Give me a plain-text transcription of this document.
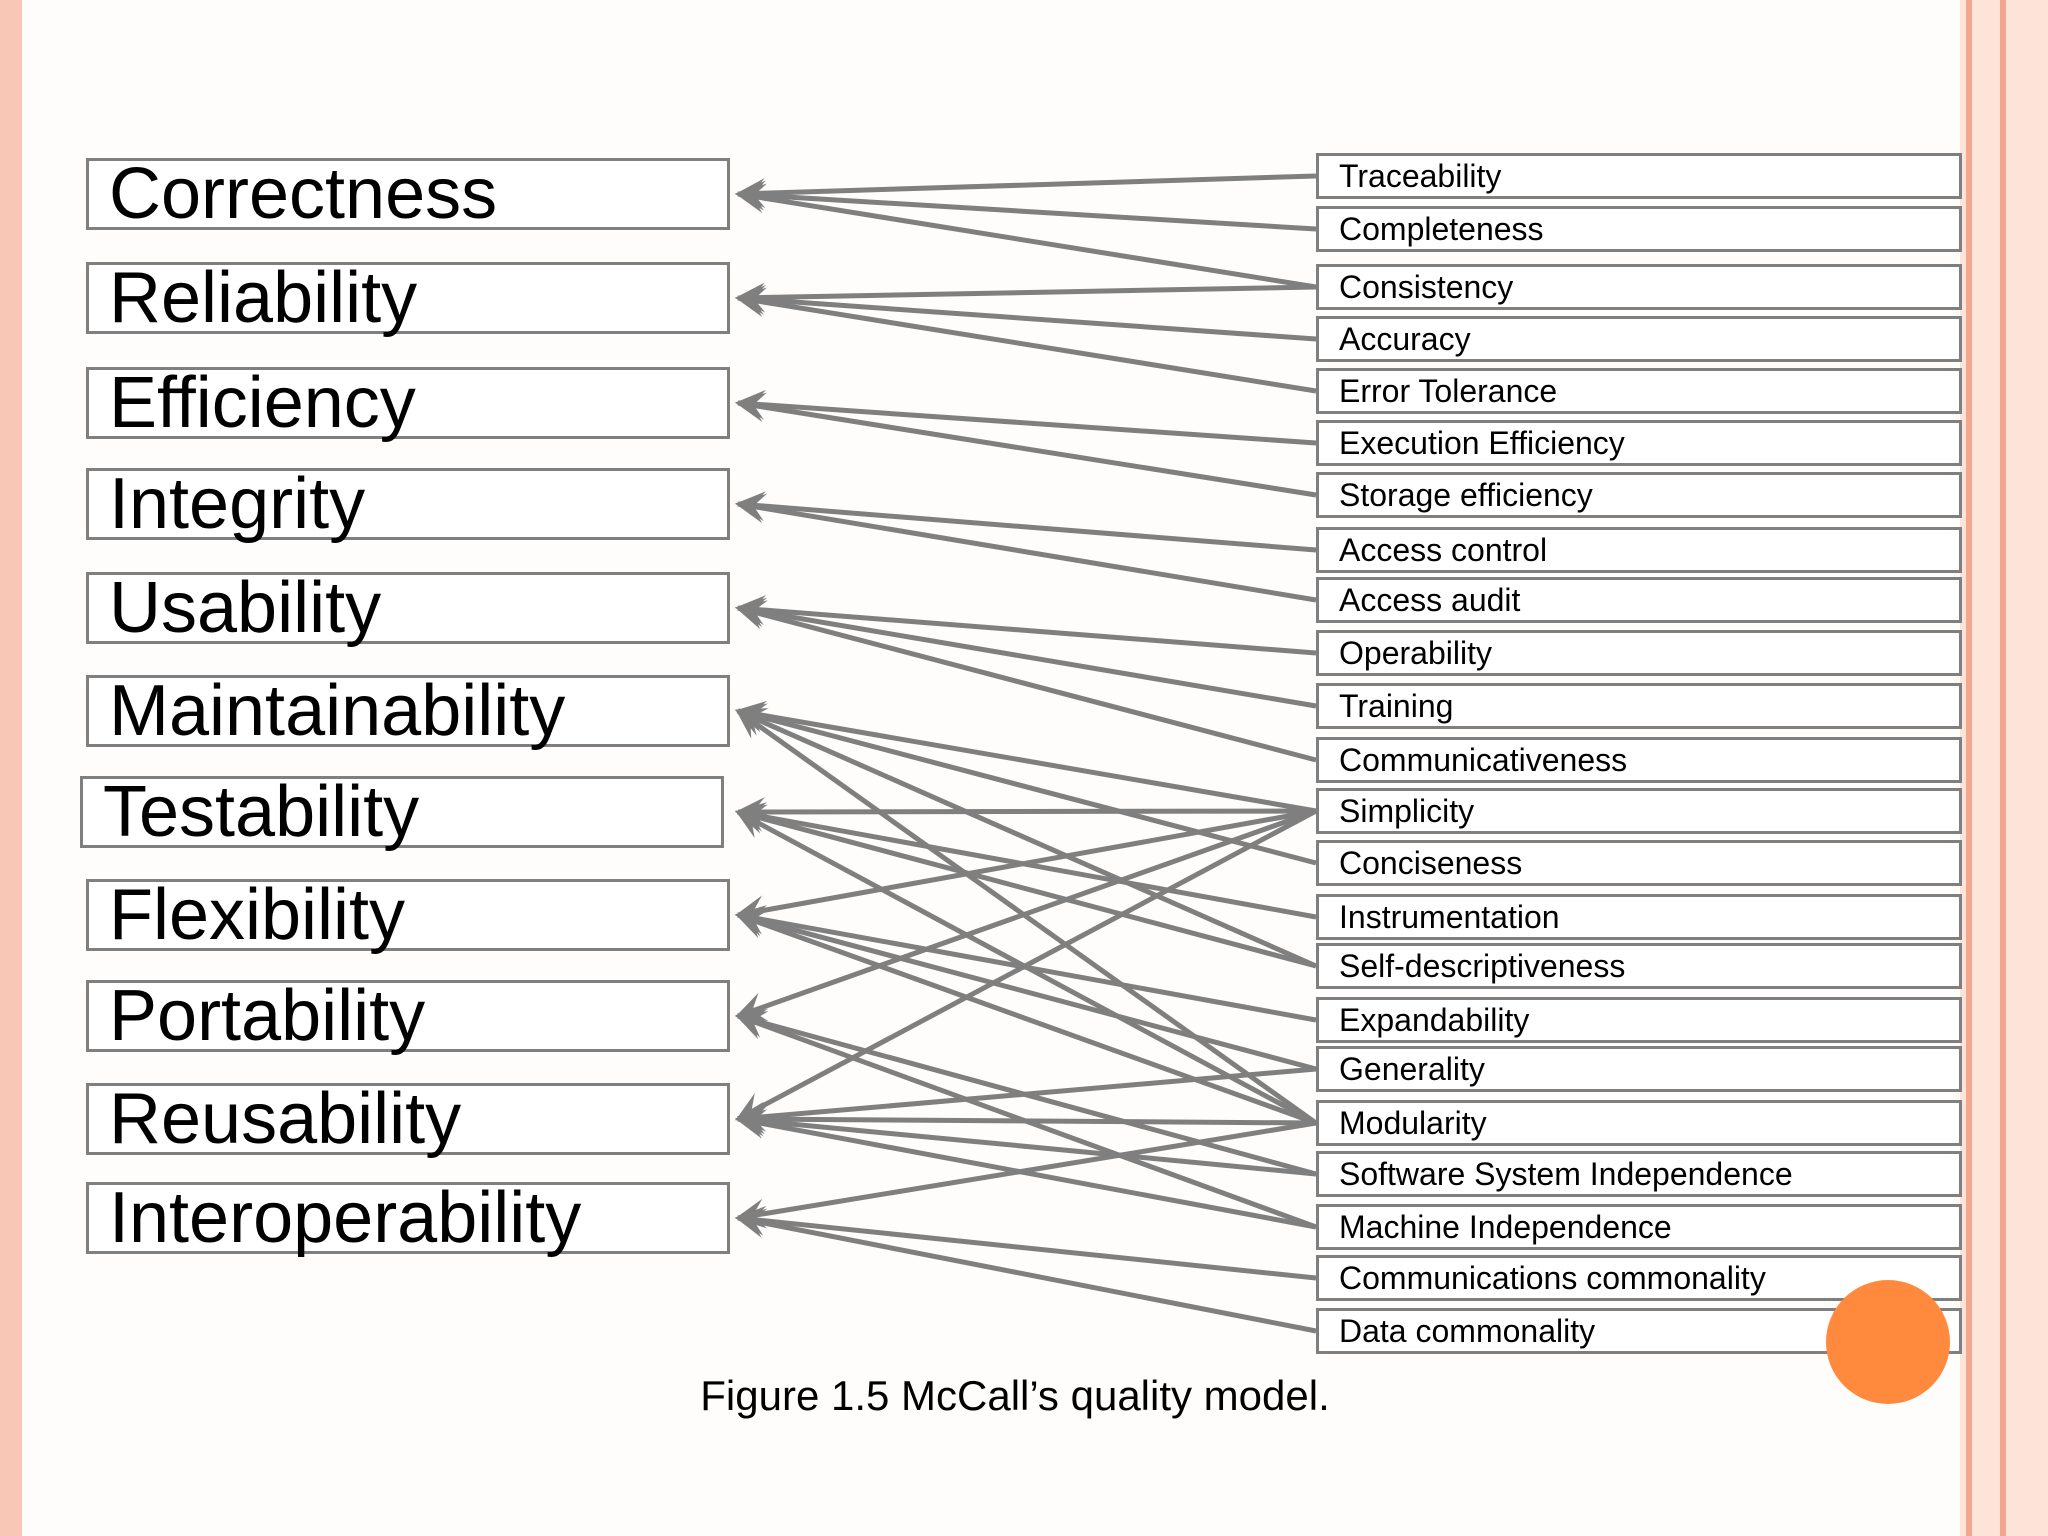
Correctness
Reliability
Efficiency
Integrity
Usability
Maintainability
Testability
Flexibility
Portability
Reusability
Interoperability
Traceability
Completeness
Consistency
Accuracy
Error Tolerance
Execution Efficiency
Storage efficiency
Access control
Access audit
Operability
Training
Communicativeness
Simplicity
Conciseness
Instrumentation
Self-descriptiveness
Expandability
Generality
Modularity
Software System Independence
Machine Independence
Communications commonality
Data commonality
Figure 1.5 McCall’s quality model.
